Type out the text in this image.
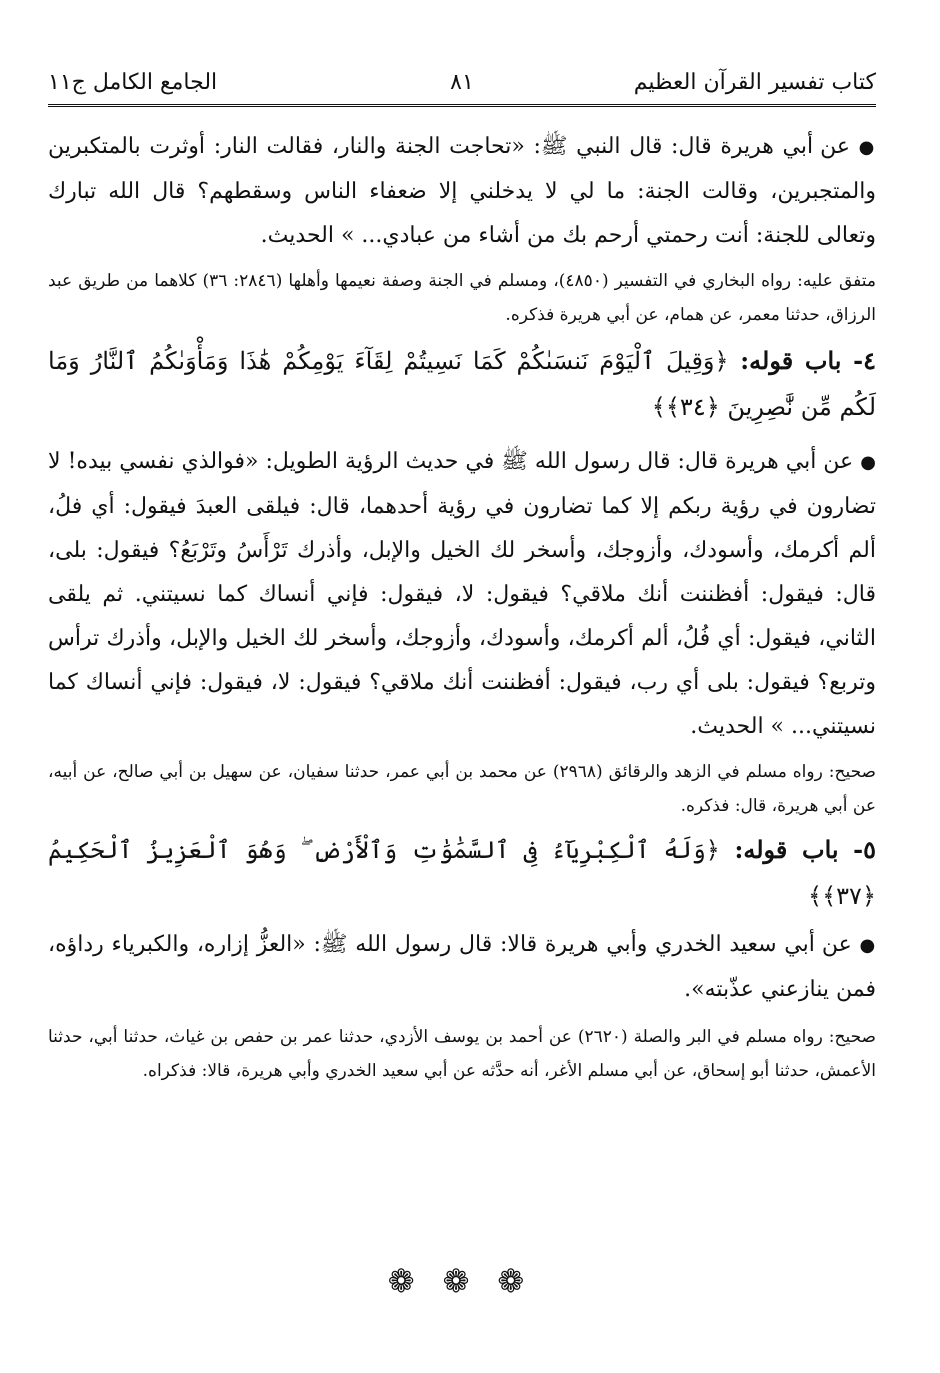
كتاب تفسير القرآن العظيم
٨١
الجامع الكامل ج١١

● عن أبي هريرة قال: قال النبي ﷺ: «تحاجت الجنة والنار، فقالت النار: أوثرت بالمتكبرين والمتجبرين، وقالت الجنة: ما لي لا يدخلني إلا ضعفاء الناس وسقطهم؟ قال الله تبارك وتعالى للجنة: أنت رحمتي أرحم بك من أشاء من عبادي... » الحديث.

متفق عليه: رواه البخاري في التفسير (٤٨٥٠)، ومسلم في الجنة وصفة نعيمها وأهلها (٢٨٤٦: ٣٦) كلاهما من طريق عبد الرزاق، حدثنا معمر، عن همام، عن أبي هريرة فذكره.

٤- باب قوله: ﴿وَقِيلَ ٱلْيَوْمَ نَنسَىٰكُمْ كَمَا نَسِيتُمْ لِقَآءَ يَوْمِكُمْ هَٰذَا وَمَأْوَىٰكُمُ ٱلنَّارُ وَمَا لَكُم مِّن نَّٰصِرِينَ ﴿٣٤﴾﴾

● عن أبي هريرة قال: قال رسول الله ﷺ في حديث الرؤية الطويل: «فوالذي نفسي بيده! لا تضارون في رؤية ربكم إلا كما تضارون في رؤية أحدهما، قال: فيلقى العبدَ فيقول: أي فلُ، ألم أكرمك، وأسودك، وأزوجك، وأسخر لك الخيل والإبل، وأذرك تَرْأَسُ وتَرْبَعُ؟ فيقول: بلى، قال: فيقول: أفظننت أنك ملاقي؟ فيقول: لا، فيقول: فإني أنساك كما نسيتني. ثم يلقى الثاني، فيقول: أي فُلُ، ألم أكرمك، وأسودك، وأزوجك، وأسخر لك الخيل والإبل، وأذرك ترأس وتربع؟ فيقول: بلى أي رب، فيقول: أفظننت أنك ملاقي؟ فيقول: لا، فيقول: فإني أنساك كما نسيتني... » الحديث.

صحيح: رواه مسلم في الزهد والرقائق (٢٩٦٨) عن محمد بن أبي عمر، حدثنا سفيان، عن سهيل بن أبي صالح، عن أبيه، عن أبي هريرة، قال: فذكره.

٥- باب قوله: ﴿وَلَهُ ٱلْكِبْرِيَآءُ فِى ٱلسَّمَٰوَٰتِ وَٱلْأَرْضِ ۖ وَهُوَ ٱلْعَزِيزُ ٱلْحَكِيمُ ﴿٣٧﴾﴾

● عن أبي سعيد الخدري وأبي هريرة قالا: قال رسول الله ﷺ: «العزُّ إزاره، والكبرياء رداؤه، فمن ينازعني عذّبته».

صحيح: رواه مسلم في البر والصلة (٢٦٢٠) عن أحمد بن يوسف الأزدي، حدثنا عمر بن حفص بن غياث، حدثنا أبي، حدثنا الأعمش، حدثنا أبو إسحاق، عن أبي مسلم الأغر، أنه حدَّثه عن أبي سعيد الخدري وأبي هريرة، قالا: فذكراه.

❁❁❁
